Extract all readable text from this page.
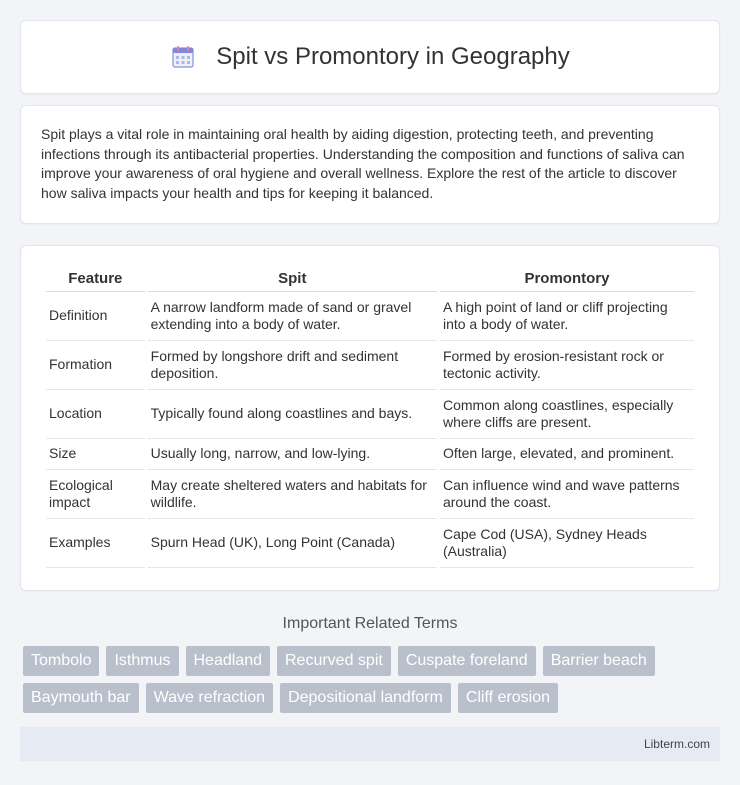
Spit vs Promontory in Geography

Spit plays a vital role in maintaining oral health by aiding digestion, protecting teeth, and preventing infections through its antibacterial properties. Understanding the composition and functions of saliva can improve your awareness of oral hygiene and overall wellness. Explore the rest of the article to discover how saliva impacts your health and tips for keeping it balanced.

Feature	Spit	Promontory
Definition	A narrow landform made of sand or gravel extending into a body of water.	A high point of land or cliff projecting into a body of water.
Formation	Formed by longshore drift and sediment deposition.	Formed by erosion-resistant rock or tectonic activity.
Location	Typically found along coastlines and bays.	Common along coastlines, especially where cliffs are present.
Size	Usually long, narrow, and low-lying.	Often large, elevated, and prominent.
Ecological impact	May create sheltered waters and habitats for wildlife.	Can influence wind and wave patterns around the coast.
Examples	Spurn Head (UK), Long Point (Canada)	Cape Cod (USA), Sydney Heads (Australia)
Important Related Terms
Tombolo	Isthmus	Headland	Recurved spit	Cuspate foreland	Barrier beach
Baymouth bar	Wave refraction	Depositional landform	Cliff erosion
Libterm.com
